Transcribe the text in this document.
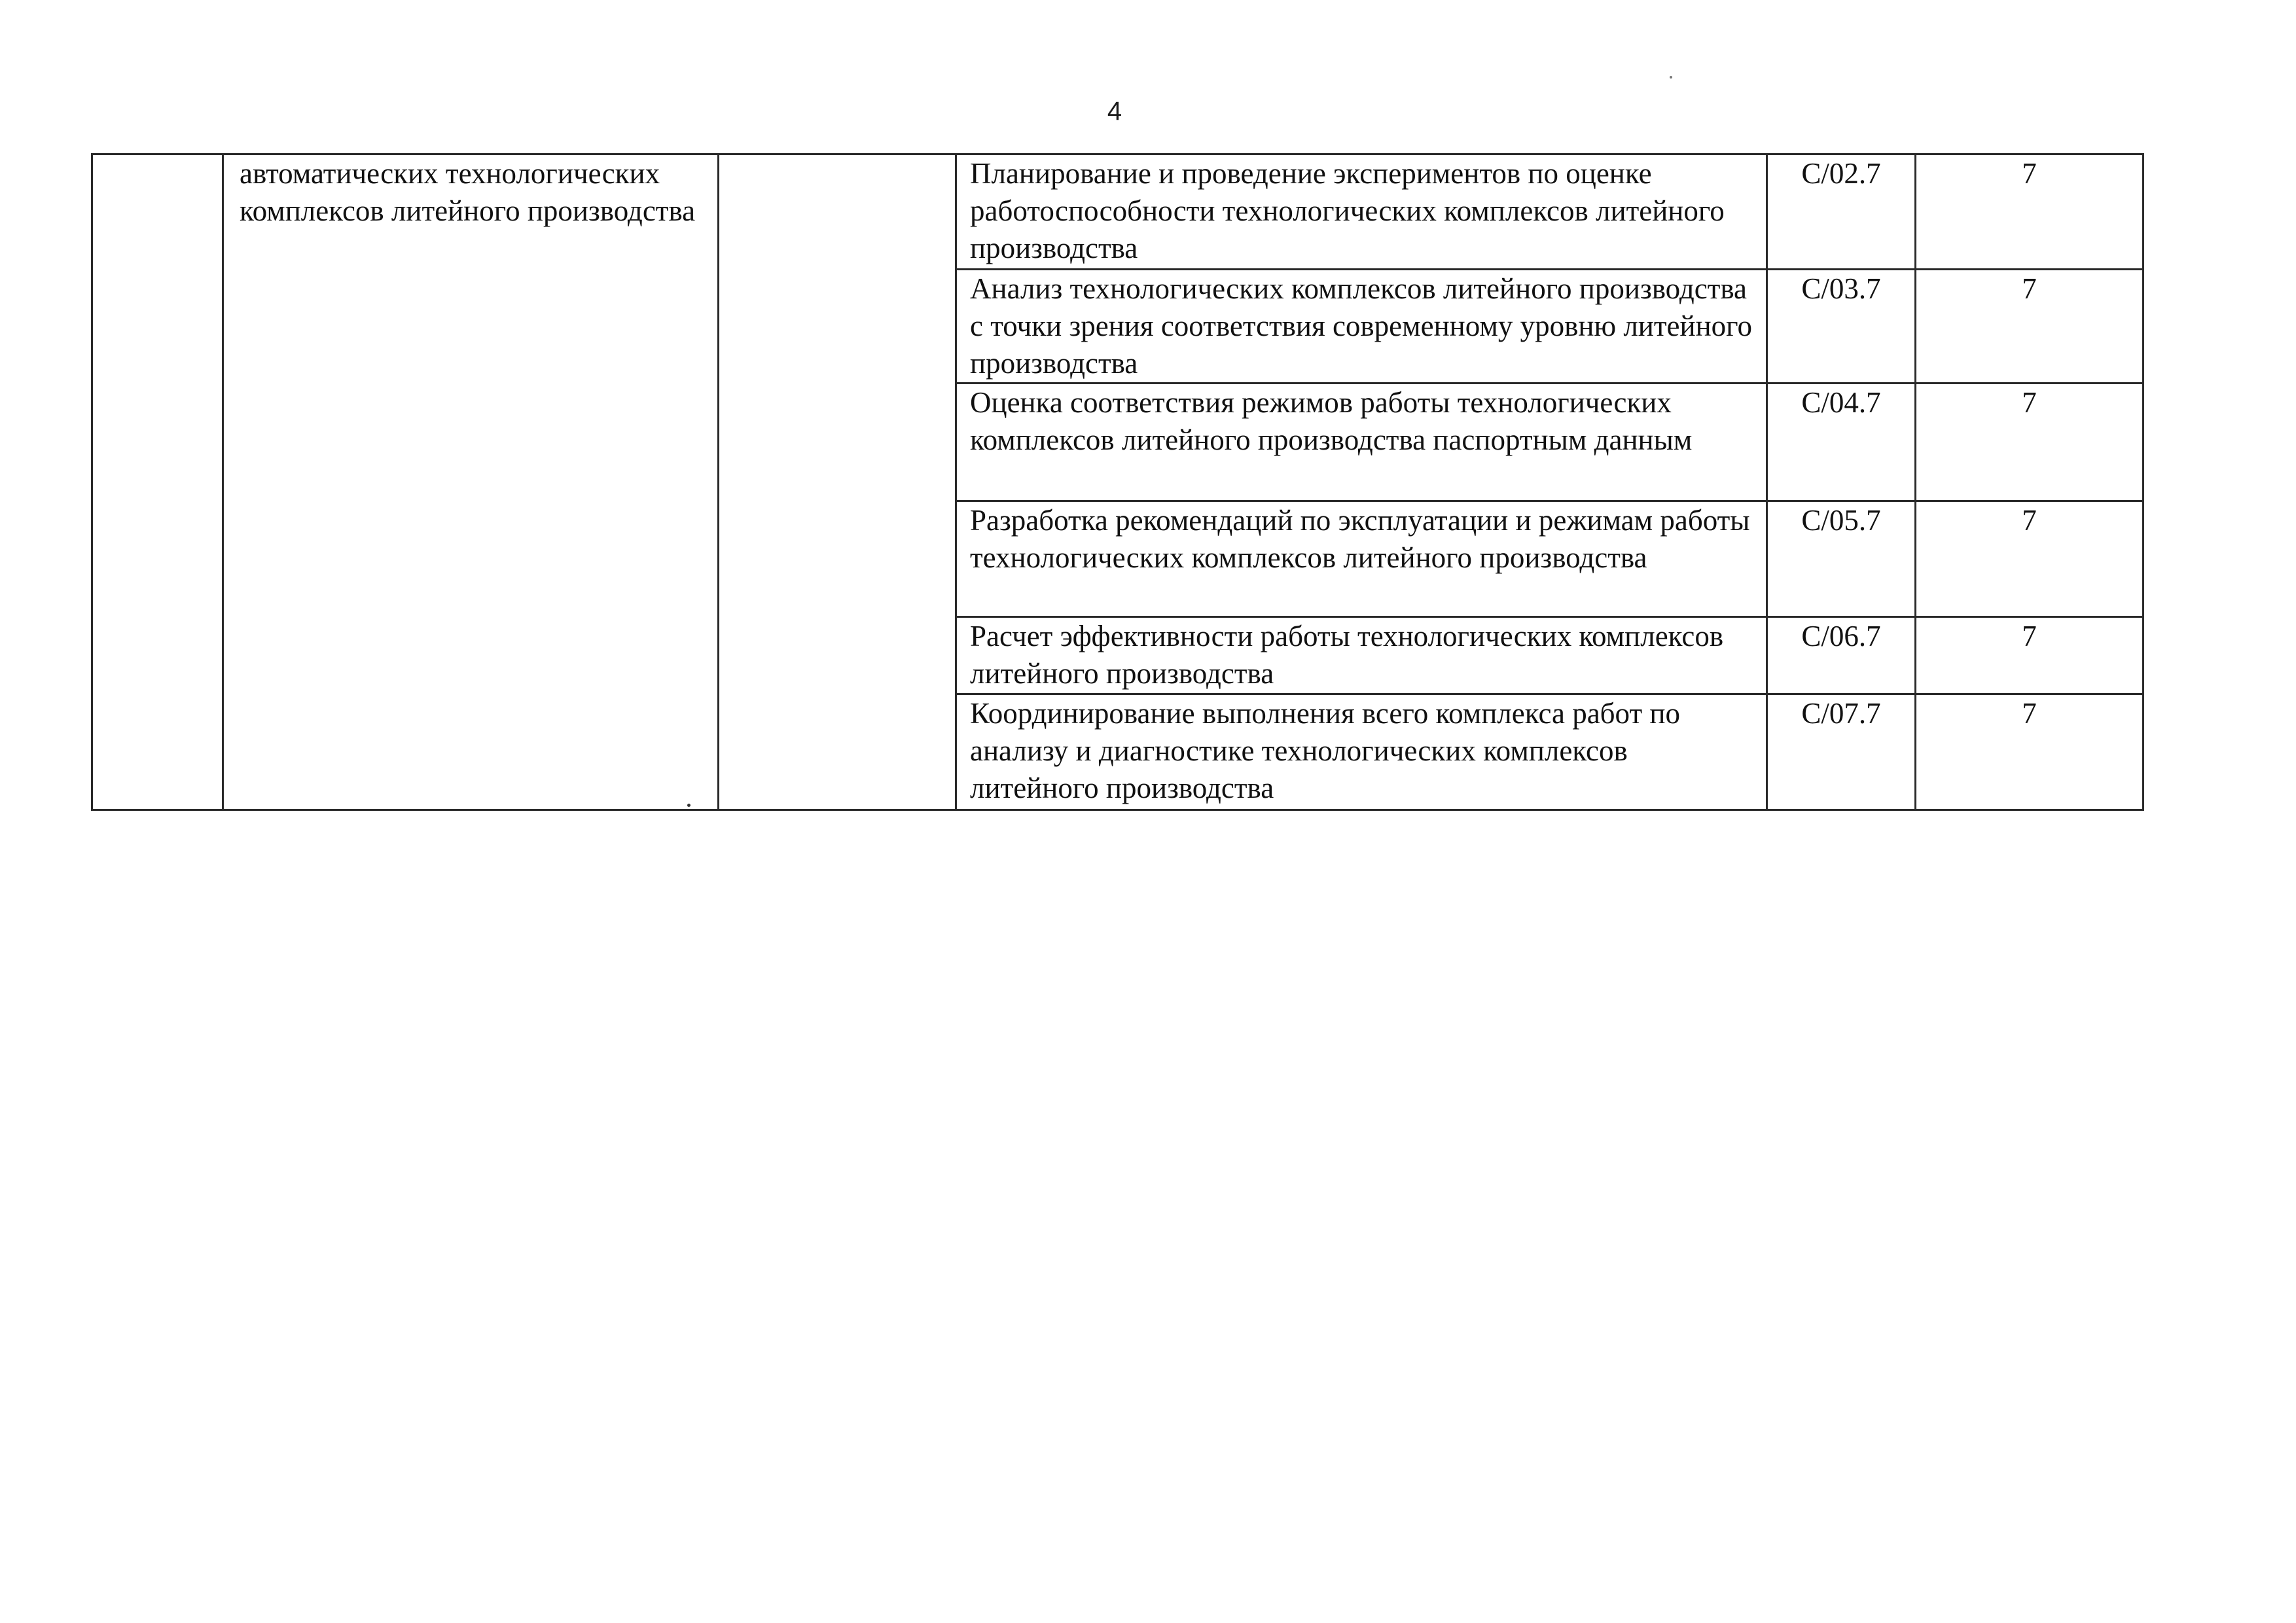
4
	автоматических технологических комплексов литейного производства		Планирование и проведение экспериментов по оценке работоспособности технологических комплексов литейного производства	С/02.7	7
			Анализ технологических комплексов литейного производства с точки зрения соответствия современному уровню литейного производства	С/03.7	7
			Оценка соответствия режимов работы технологических комплексов литейного производства паспортным данным	С/04.7	7
			Разработка рекомендаций по эксплуатации и режимам работы технологических комплексов литейного производства	С/05.7	7
			Расчет эффективности работы технологических комплексов литейного производства	С/06.7	7
			Координирование выполнения всего комплекса работ по анализу и диагностике технологических комплексов литейного производства	С/07.7	7
